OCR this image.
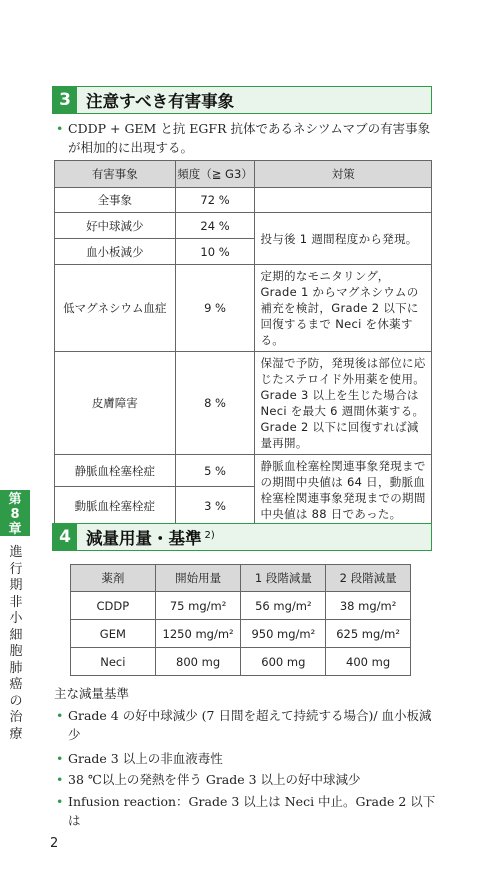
3 注意すべき有害事象
• CDDP + GEM と抗 EGFR 抗体であるネシツムマブの有害事象が相加的に出現する。
有害事象	頻度（≧ G3）	対策
全事象	72 %	
好中球減少	24 %	投与後 1 週間程度から発現。
血小板減少	10 %	
低マグネシウム血症	9 %	定期的なモニタリング，Grade 1 からマグネシウムの補充を検討，Grade 2 以下に回復するまで Neci を休薬する。
皮膚障害	8 %	保湿で予防，発現後は部位に応じたステロイド外用薬を使用。Grade 3 以上を生じた場合は Neci を最大 6 週間休薬する。Grade 2 以下に回復すれば減量再開。
静脈血栓塞栓症	5 %	静脈血栓塞栓関連事象発現までの期間中央値は 64 日，動脈血栓塞栓関連事象発現までの期間中央値は 88 日であった。
動脈血栓塞栓症	3 %	
4 減量用量・基準 $^{2)}$
薬剤	開始用量	1 段階減量	2 段階減量
CDDP	75 mg/m²	56 mg/m²	38 mg/m²
GEM	1250 mg/m²	950 mg/m²	625 mg/m²
Neci	800 mg	600 mg	400 mg
主な減量基準
• Grade 4 の好中球減少 (7 日間を超えて持続する場合)/ 血小板減少
• Grade 3 以上の非血液毒性
• 38 ℃以上の発熱を伴う Grade 3 以上の好中球減少
• Infusion reaction：Grade 3 以上は Neci 中止。Grade 2 以下は
第
8
章
進行期非小細胞肺癌の治療
2
